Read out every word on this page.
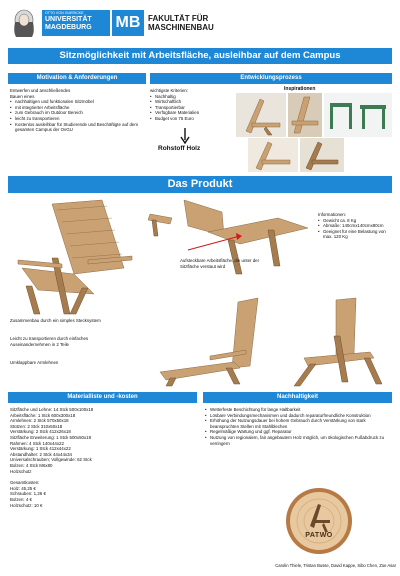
OTTO VON GUERICKE
UNIVERSITÄT
MAGDEBURG	MB FAKULTÄT FÜR
MASCHINENBAU
Sitzmöglichkeit mit Arbeitsfläche, ausleihbar auf dem Campus
Motivation & Anforderungen
Entwerfen und anschließendes
Bauen eines
• nachhaltigen und funktionalen Sitzmöbel
• mit integrierter Arbeitsfläche
• zum Gebrauch im Outdoor Bereich
• leicht zu transportieren
• Kostenlos ausleihbar für Studierende und Beschäftigte auf dem gesamten Campus der OvGU
Entwicklungsprozess
wichtigste Kriterien:
• Nachhaltig
• Wirtschaftlich
• Transportierbar
• Verfügbare Materialien
• Budget von 75 Euro
Rohstoff Holz
Inspirationen
Das Produkt
Aufsteckbare Arbeitsfläche, die unter der Sitzfläche verstaut wird
Informationen:
• Gewicht ca. 8 Kg
• Abmaße: 140cmx140cmx80cm
• Geeignet für eine Belastung von max. 120 Kg
Zusammenbau durch ein simples Stecksystem
Leicht zu transportieren durch einfaches Auseinandernehmen in 2 Teile
Umklappbare Armlehnen
Materialliste und -kosten
Sitzfläche und Lehne: 14 Stck 500x100x18
Arbeitsfläche: 1 Stck 600x300x18
Armlehnen: 2 Stck 570x50x18
Stützen: 2 Stck 310x50x18
Verstärkung: 2 Stck 412x26x18
Sitzfläche Erweiterung: 1 Stck 500x50x18
Rahmen: 4 Stck 140x44x22
Verstärkung: 1 Stck 412x44x22
Abstandhalter: 2 Stck 44x44x34
Universalschrauben; Vollgewinde: 62 Stck
Bolzen: 4 Stck M6x80
Holzschutz
Gesamtkosten:
Holz: 45,25 €
Schrauben: 1,26 €
Bolzen: 4 €
Holzschutz: 10 €
Nachhaltigkeit
• Wetterfeste Beschichtung für lange Haltbarkeit
• Lösbare Verbindungsmechanismen und dadurch reparaturfreundliche Konstruktion
• Erhöhung der Nutzungsdauer bei hohem Gebrauch durch Verstärkung von stark beanspruchten Stellen mit Stahlblechen
• Regelmäßige Wartung und ggf. Reparatur
• Nutzung von regionalem, fair angebautem Holz möglich, um ökologischen Fußabdruck zu verringern
PATWO
Carolin Thiele, Tristan Busse, David Kappe, Sibo Chen, Zoe Asar
